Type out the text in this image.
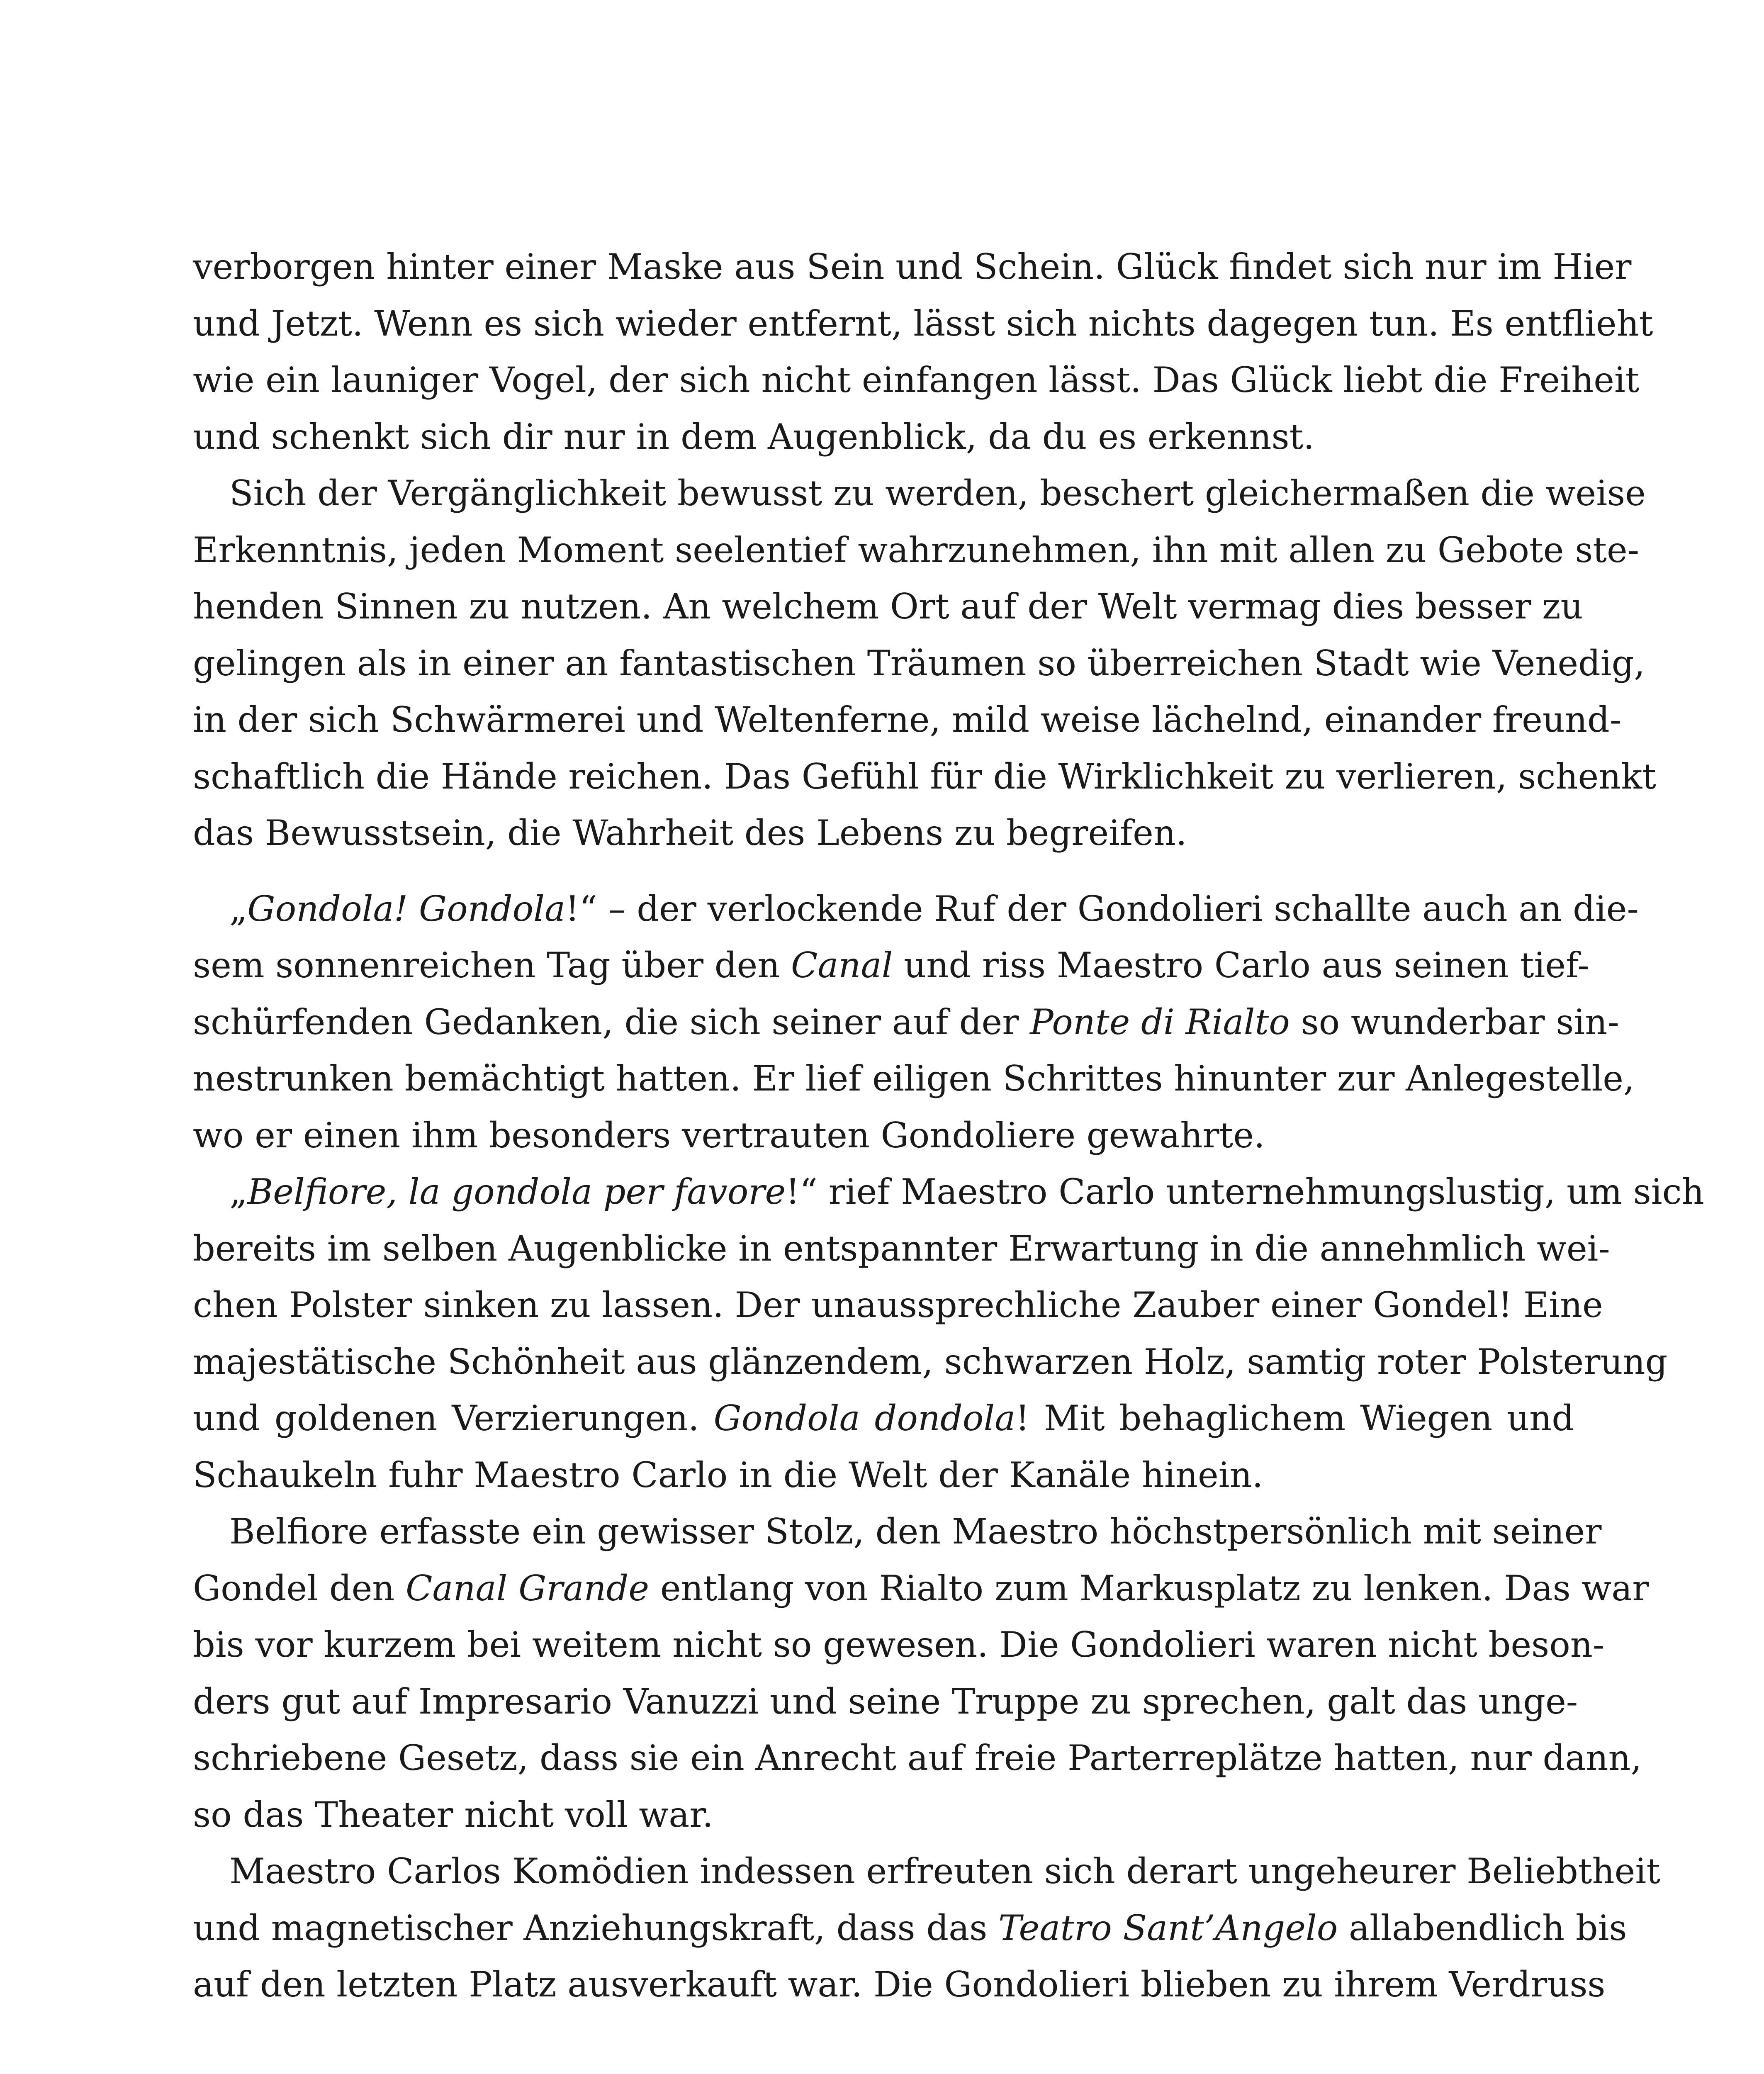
verborgen hinter einer Maske aus Sein und Schein. Glück findet sich nur im Hier
und Jetzt. Wenn es sich wieder entfernt, lässt sich nichts dagegen tun. Es entflieht
wie ein launiger Vogel, der sich nicht einfangen lässt. Das Glück liebt die Freiheit
und schenkt sich dir nur in dem Augenblick, da du es erkennst.
Sich der Vergänglichkeit bewusst zu werden, beschert gleichermaßen die weise
Erkenntnis, jeden Moment seelentief wahrzunehmen, ihn mit allen zu Gebote ste-
henden Sinnen zu nutzen. An welchem Ort auf der Welt vermag dies besser zu
gelingen als in einer an fantastischen Träumen so überreichen Stadt wie Venedig,
in der sich Schwärmerei und Weltenferne, mild weise lächelnd, einander freund-
schaftlich die Hände reichen. Das Gefühl für die Wirklichkeit zu verlieren, schenkt
das Bewusstsein, die Wahrheit des Lebens zu begreifen.
„Gondola! Gondola!“ – der verlockende Ruf der Gondolieri schallte auch an die-
sem sonnenreichen Tag über den Canal und riss Maestro Carlo aus seinen tief-
schürfenden Gedanken, die sich seiner auf der Ponte di Rialto so wunderbar sin-
nestrunken bemächtigt hatten. Er lief eiligen Schrittes hinunter zur Anlegestelle,
wo er einen ihm besonders vertrauten Gondoliere gewahrte.
„Belfiore, la gondola per favore!“ rief Maestro Carlo unternehmungslustig, um sich
bereits im selben Augenblicke in entspannter Erwartung in die annehmlich wei-
chen Polster sinken zu lassen. Der unaussprechliche Zauber einer Gondel! Eine
majestätische Schönheit aus glänzendem, schwarzen Holz, samtig roter Polsterung
und goldenen Verzierungen. Gondola dondola! Mit behaglichem Wiegen und
Schaukeln fuhr Maestro Carlo in die Welt der Kanäle hinein.
Belfiore erfasste ein gewisser Stolz, den Maestro höchstpersönlich mit seiner
Gondel den Canal Grande entlang von Rialto zum Markusplatz zu lenken. Das war
bis vor kurzem bei weitem nicht so gewesen. Die Gondolieri waren nicht beson-
ders gut auf Impresario Vanuzzi und seine Truppe zu sprechen, galt das unge-
schriebene Gesetz, dass sie ein Anrecht auf freie Parterreplätze hatten, nur dann,
so das Theater nicht voll war.
Maestro Carlos Komödien indessen erfreuten sich derart ungeheurer Beliebtheit
und magnetischer Anziehungskraft, dass das Teatro Sant’Angelo allabendlich bis
auf den letzten Platz ausverkauft war. Die Gondolieri blieben zu ihrem Verdruss
